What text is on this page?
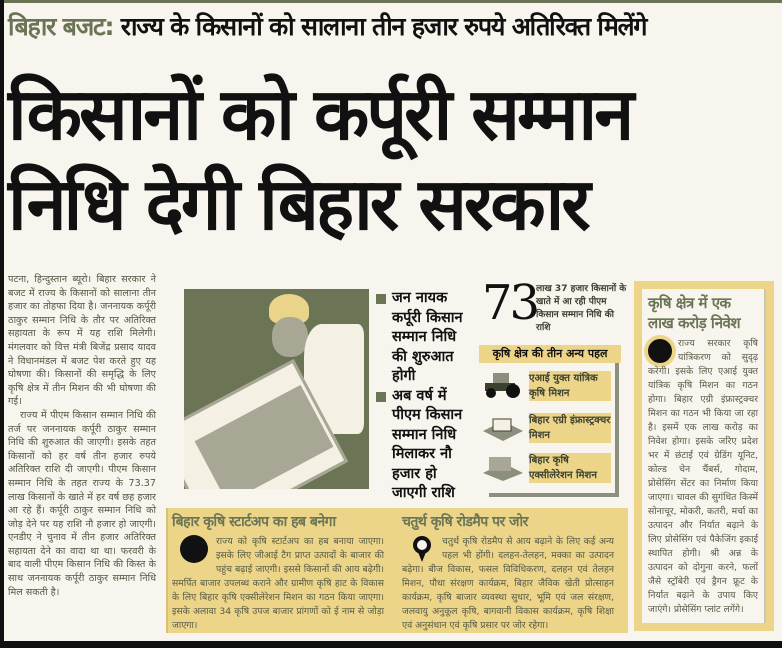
बिहार बजट: राज्य के किसानों को सालाना तीन हजार रुपये अतिरिक्त मिलेंगे
किसानों को कर्पूरी सम्मान
निधि देगी बिहार सरकार

पटना, हिन्दुस्तान ब्यूरो। बिहार सरकार ने बजट में राज्य के किसानों को सालाना तीन हजार का तोहफा दिया है। जननायक कर्पूरी ठाकुर सम्मान निधि के तौर पर अतिरिक्त सहायता के रूप में यह राशि मिलेगी। मंगलवार को वित्त मंत्री बिजेंद्र प्रसाद यादव ने विधानमंडल में बजट पेश करते हुए यह घोषणा की। किसानों की समृद्धि के लिए कृषि क्षेत्र में तीन मिशन की भी घोषणा की गई।

राज्य में पीएम किसान सम्मान निधि की तर्ज पर जननायक कर्पूरी ठाकुर सम्मान निधि की शुरुआत की जाएगी। इसके तहत किसानों को हर वर्ष तीन हजार रुपये अतिरिक्त राशि दी जाएगी। पीएम किसान सम्मान निधि के तहत राज्य के 73.37 लाख किसानों के खाते में हर वर्ष छह हजार आ रहे हैं। कर्पूरी ठाकुर सम्मान निधि को जोड़ देने पर यह राशि नौ हजार हो जाएगी। एनडीए ने चुनाव में तीन हजार अतिरिक्त सहायता देने का वादा था था। फरवरी के बाद वाली पीएम किसान निधि की किस्त के साथ जननायक कर्पूरी ठाकुर सम्मान निधि मिल सकती है।

जन नायक कर्पूरी किसान सम्मान निधि की शुरुआत होगी
अब वर्ष में पीएम किसान सम्मान निधि मिलाकर नौ हजार हो जाएगी राशि
73
लाख 37 हजार किसानों के खाते में आ रही पीएम किसान सम्मान निधि की राशि
कृषि क्षेत्र की तीन अन्य पहल
एआई युक्त यांत्रिक कृषि मिशन
बिहार एग्री इंफ्रास्ट्रक्चर मिशन
बिहार कृषि एक्सीलेरेशन मिशन
कृषि क्षेत्र में एक लाख करोड़ निवेश

राज्य सरकार कृषि यांत्रिकरण को सुदृढ़ करेगी। इसके लिए एआई युक्त यांत्रिक कृषि मिशन का गठन होगा। बिहार एग्री इंफ्रास्ट्रक्चर मिशन का गठन भी किया जा रहा है। इसमें एक लाख करोड़ का निवेश होगा। इसके जरिए प्रदेश भर में छंटाई एवं ग्रेडिंग यूनिट, कोल्ड चेन चैंबर्स, गोदाम, प्रोसेसिंग सेंटर का निर्माण किया जाएगा। चावल की सुगंधित किस्में सोनाचूर, मोकरी, कतरी, मर्चा का उत्पादन और निर्यात बढ़ाने के लिए प्रोसेसिंग एवं पैकेजिंग इकाई स्थापित होगी। श्री अन्न के उत्पादन को दोगुना करने, फलों जैसे स्ट्रॉबेरी एवं ड्रैगन फ्रूट के निर्यात बढ़ाने के उपाय किए जाएंगे। प्रोसेसिंग प्लांट लगेंगे।

बिहार कृषि स्टार्टअप का हब बनेगा

राज्य को कृषि स्टार्टअप का हब बनाया जाएगा। इसके लिए जीआई टैग प्राप्त उत्पादों के बाजार की पहुंच बढ़ाई जाएगी। इससे किसानों की आय बढ़ेगी। समर्पित बाजार उपलब्ध कराने और ग्रामीण कृषि हाट के विकास के लिए बिहार कृषि एक्सीलेरेशन मिशन का गठन किया जाएगा। इसके अलावा 34 कृषि उपज बाजार प्रांगणों को ई नाम से जोड़ा जाएगा।

चतुर्थ कृषि रोडमैप पर जोर

चतुर्थ कृषि रोडमैप से आय बढ़ाने के लिए कई अन्य पहल भी होंगी। दलहन-तेलहन, मक्का का उत्पादन बढ़ेगा। बीज विकास, फसल विविधिकरण, दलहन एवं तेलहन मिशन, पौधा संरक्षण कार्यक्रम, बिहार जैविक खेती प्रोत्साहन कार्यक्रम, कृषि बाजार व्यवस्था सुधार, भूमि एवं जल संरक्षण, जलवायु अनुकूल कृषि, बागवानी विकास कार्यक्रम, कृषि शिक्षा एवं अनुसंधान एवं कृषि प्रसार पर जोर रहेगा।
